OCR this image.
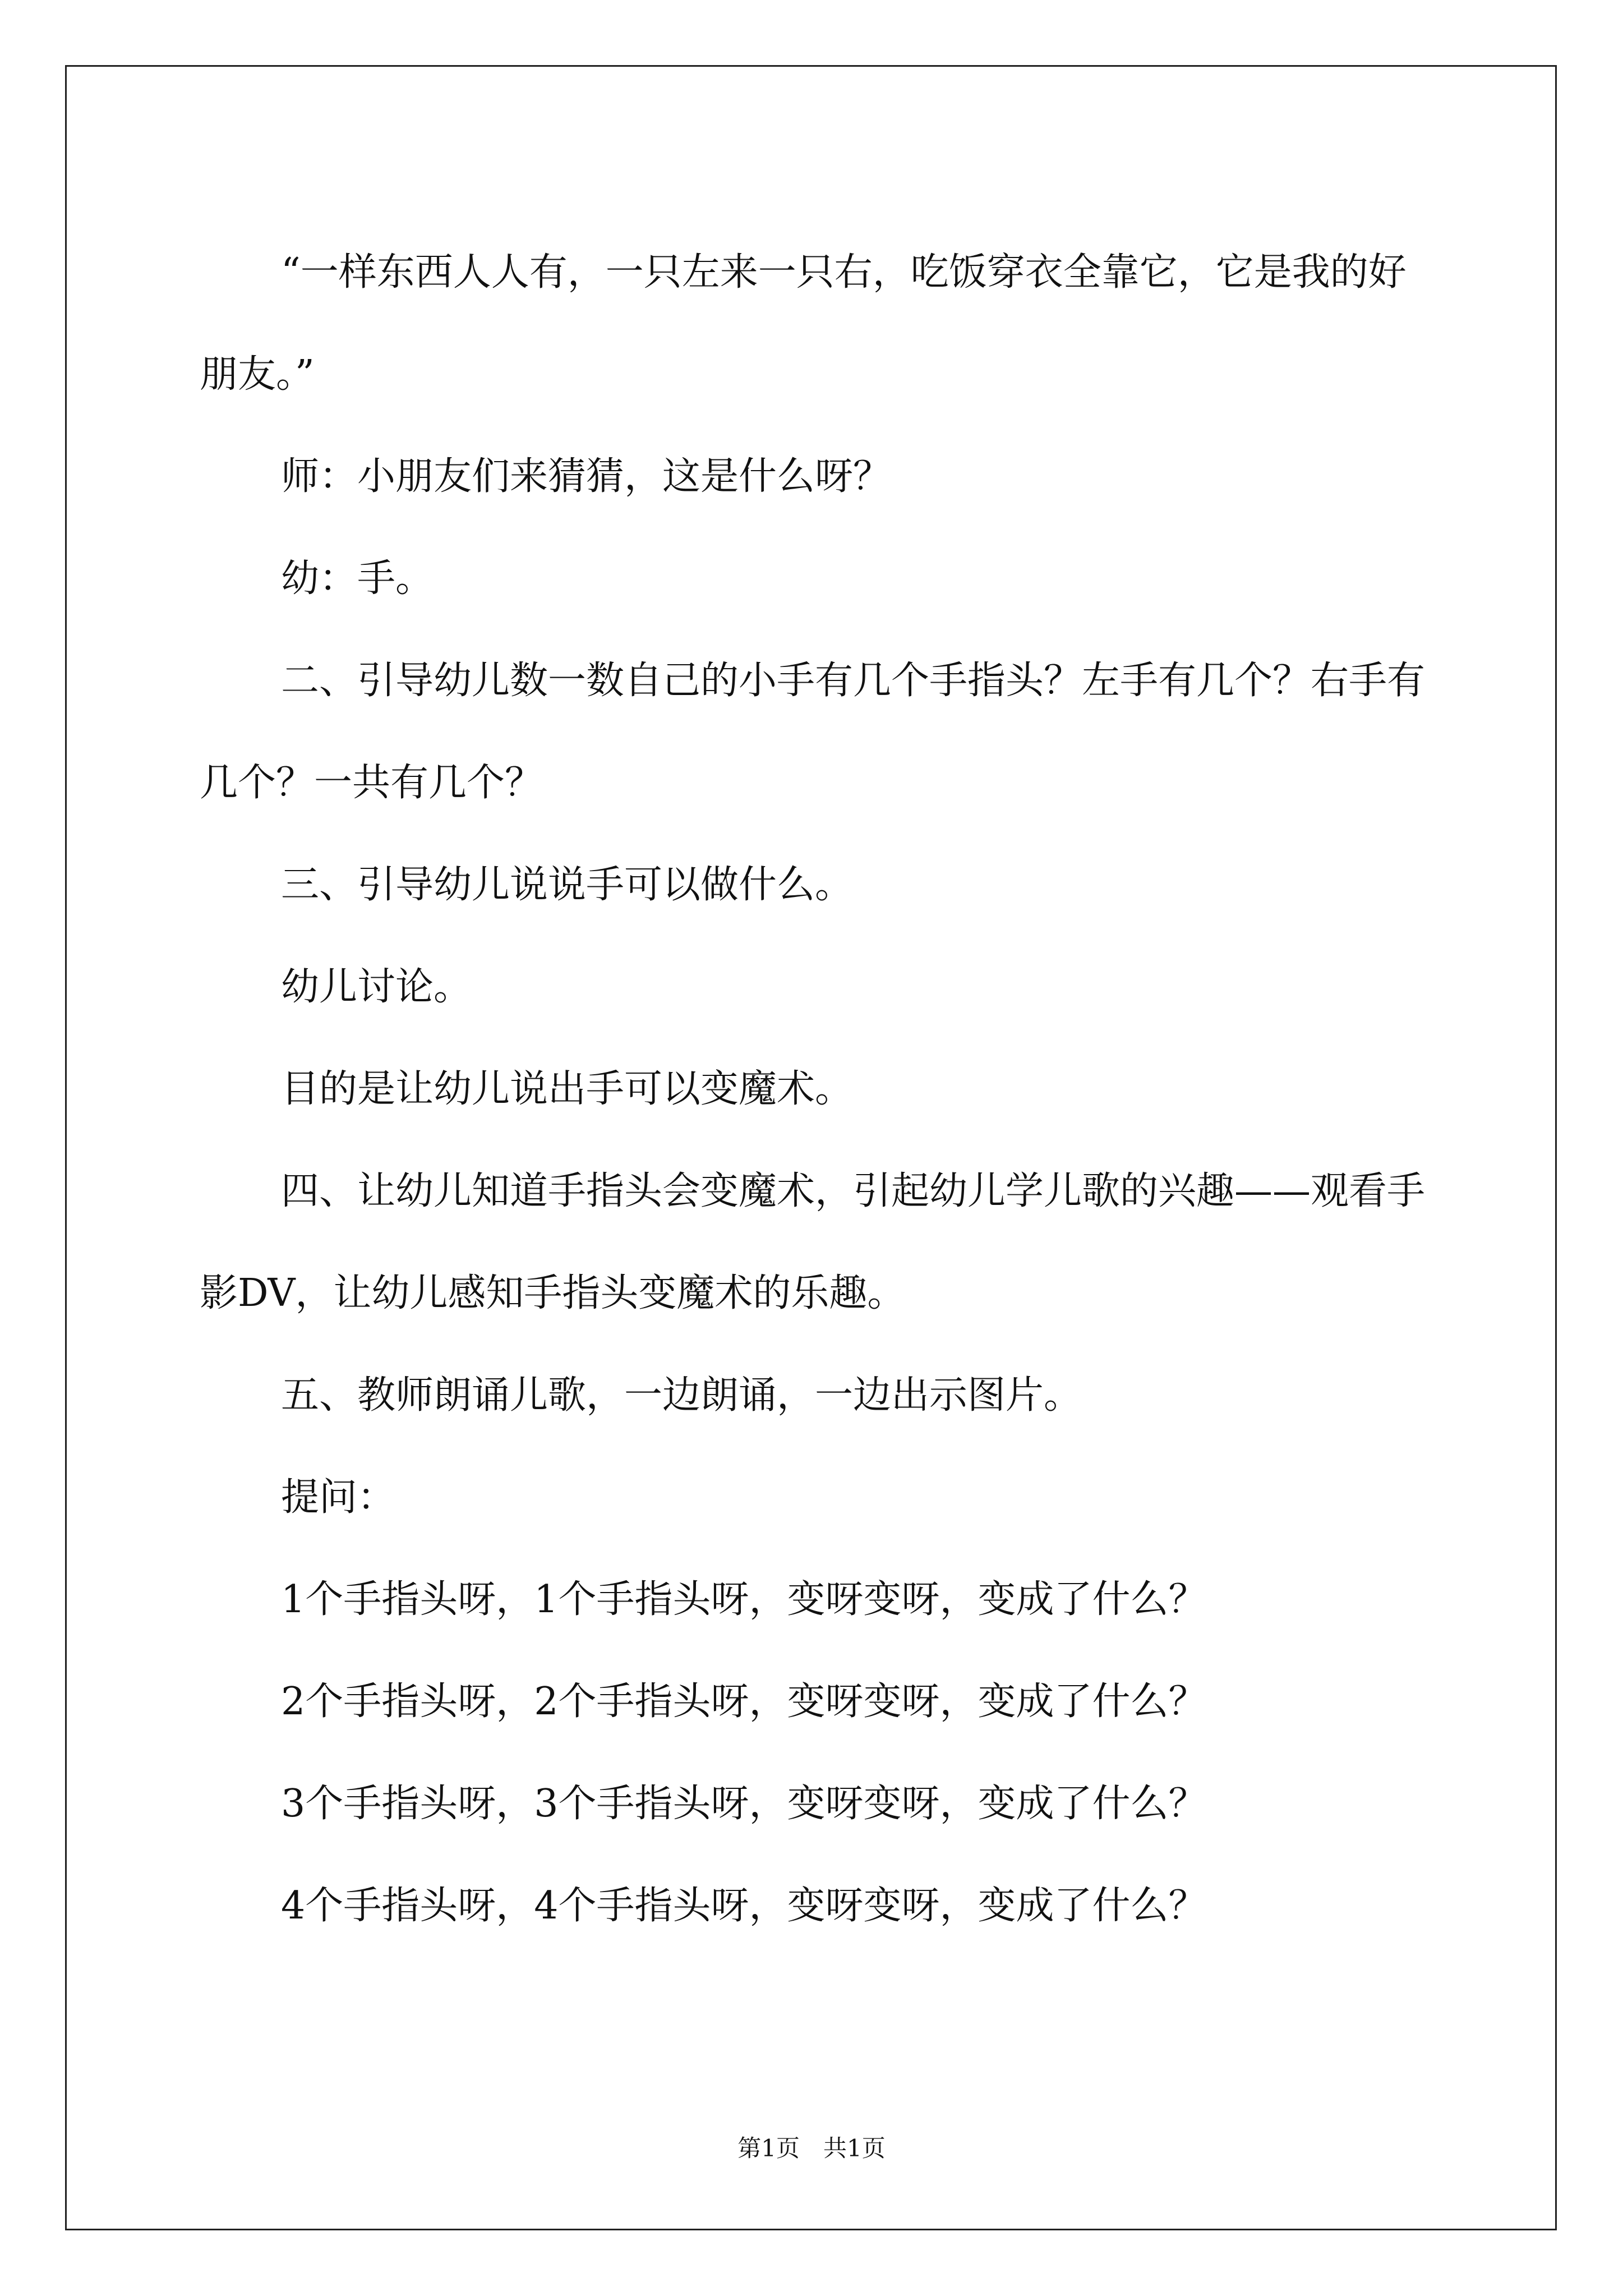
“一样东西人人有，一只左来一只右，吃饭穿衣全靠它，它是我的好朋友。”

师：小朋友们来猜猜，这是什么呀？

幼：手。

二、引导幼儿数一数自己的小手有几个手指头？左手有几个？右手有几个？一共有几个？

三、引导幼儿说说手可以做什么。

幼儿讨论。

目的是让幼儿说出手可以变魔术。

四、让幼儿知道手指头会变魔术，引起幼儿学儿歌的兴趣——观看手影DV，让幼儿感知手指头变魔术的乐趣。

五、教师朗诵儿歌，一边朗诵，一边出示图片。

提问：

1个手指头呀，1个手指头呀，变呀变呀，变成了什么？

2个手指头呀，2个手指头呀，变呀变呀，变成了什么？

3个手指头呀，3个手指头呀，变呀变呀，变成了什么？

4个手指头呀，4个手指头呀，变呀变呀，变成了什么？

第1页　共1页
